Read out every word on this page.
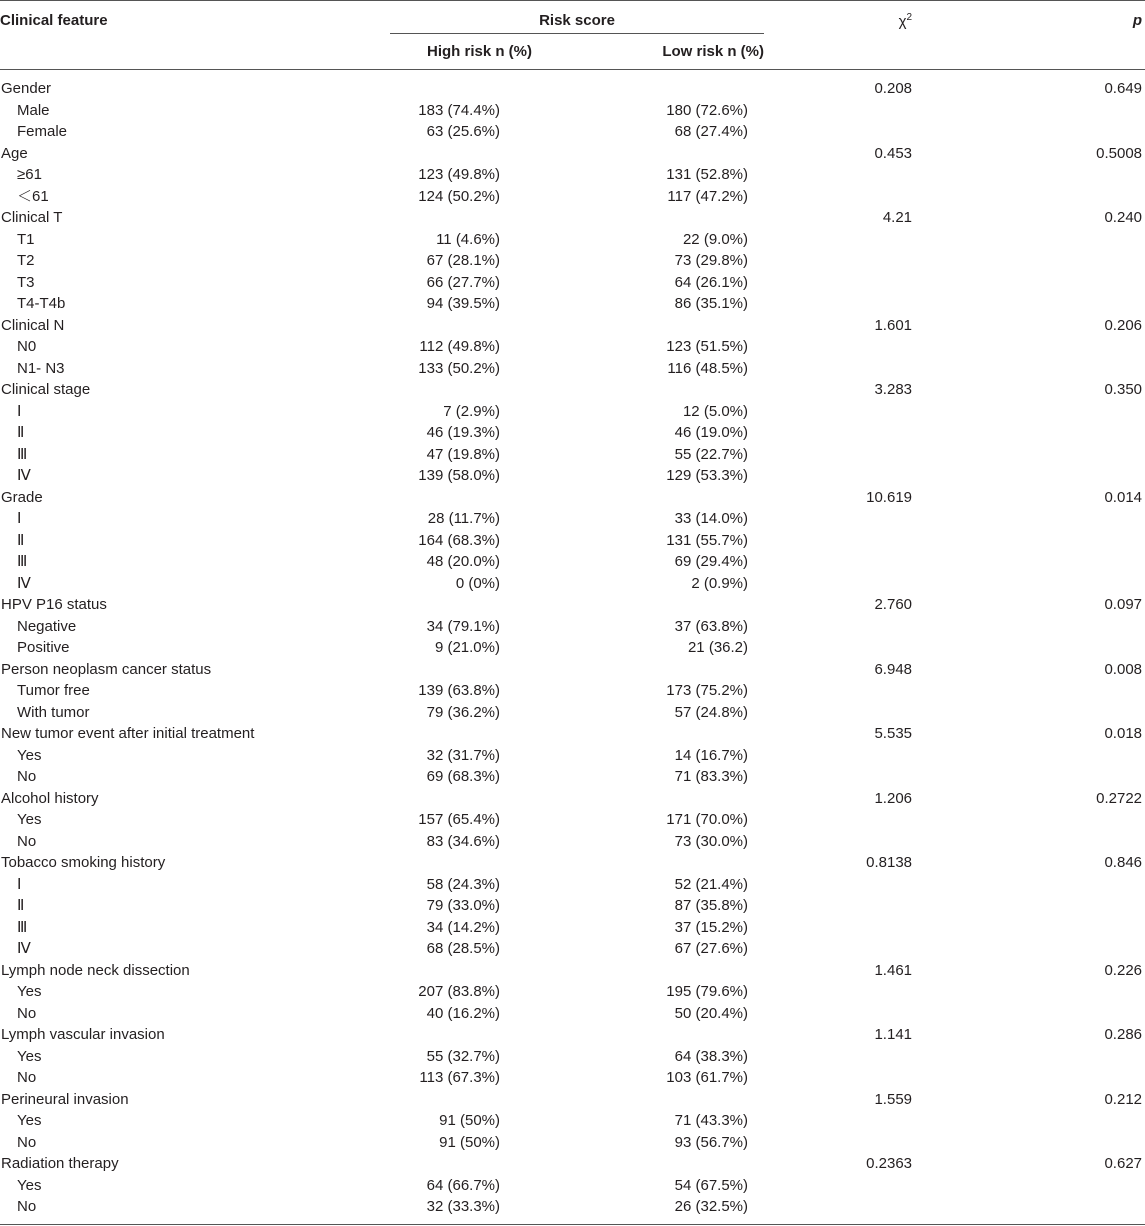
Clinical feature	Risk score		$\chi^2$	p
	High risk n (%)	Low risk n (%)		

Gender			0.208	0.649
Male	183 (74.4%)	180 (72.6%)		
Female	63 (25.6%)	68 (27.4%)		
Age			0.453	0.5008
≥61	123 (49.8%)	131 (52.8%)		
＜61	124 (50.2%)	117 (47.2%)		
Clinical T			4.21	0.240
T1	11 (4.6%)	22 (9.0%)		
T2	67 (28.1%)	73 (29.8%)		
T3	66 (27.7%)	64 (26.1%)		
T4-T4b	94 (39.5%)	86 (35.1%)		
Clinical N			1.601	0.206
N0	112 (49.8%)	123 (51.5%)		
N1- N3	133 (50.2%)	116 (48.5%)		
Clinical stage			3.283	0.350
Ⅰ	7 (2.9%)	12 (5.0%)		
Ⅱ	46 (19.3%)	46 (19.0%)		
Ⅲ	47 (19.8%)	55 (22.7%)		
Ⅳ	139 (58.0%)	129 (53.3%)		
Grade			10.619	0.014
Ⅰ	28 (11.7%)	33 (14.0%)		
Ⅱ	164 (68.3%)	131 (55.7%)		
Ⅲ	48 (20.0%)	69 (29.4%)		
Ⅳ	0 (0%)	2 (0.9%)		
HPV P16 status			2.760	0.097
Negative	34 (79.1%)	37 (63.8%)		
Positive	9 (21.0%)	21 (36.2)		
Person neoplasm cancer status			6.948	0.008
Tumor free	139 (63.8%)	173 (75.2%)		
With tumor	79 (36.2%)	57 (24.8%)		
New tumor event after initial treatment			5.535	0.018
Yes	32 (31.7%)	14 (16.7%)		
No	69 (68.3%)	71 (83.3%)		
Alcohol history			1.206	0.2722
Yes	157 (65.4%)	171 (70.0%)		
No	83 (34.6%)	73 (30.0%)		
Tobacco smoking history			0.8138	0.846
Ⅰ	58 (24.3%)	52 (21.4%)		
Ⅱ	79 (33.0%)	87 (35.8%)		
Ⅲ	34 (14.2%)	37 (15.2%)		
Ⅳ	68 (28.5%)	67 (27.6%)		
Lymph node neck dissection			1.461	0.226
Yes	207 (83.8%)	195 (79.6%)		
No	40 (16.2%)	50 (20.4%)		
Lymph vascular invasion			1.141	0.286
Yes	55 (32.7%)	64 (38.3%)		
No	113 (67.3%)	103 (61.7%)		
Perineural invasion			1.559	0.212
Yes	91 (50%)	71 (43.3%)		
No	91 (50%)	93 (56.7%)		
Radiation therapy			0.2363	0.627
Yes	64 (66.7%)	54 (67.5%)		
No	32 (33.3%)	26 (32.5%)		
